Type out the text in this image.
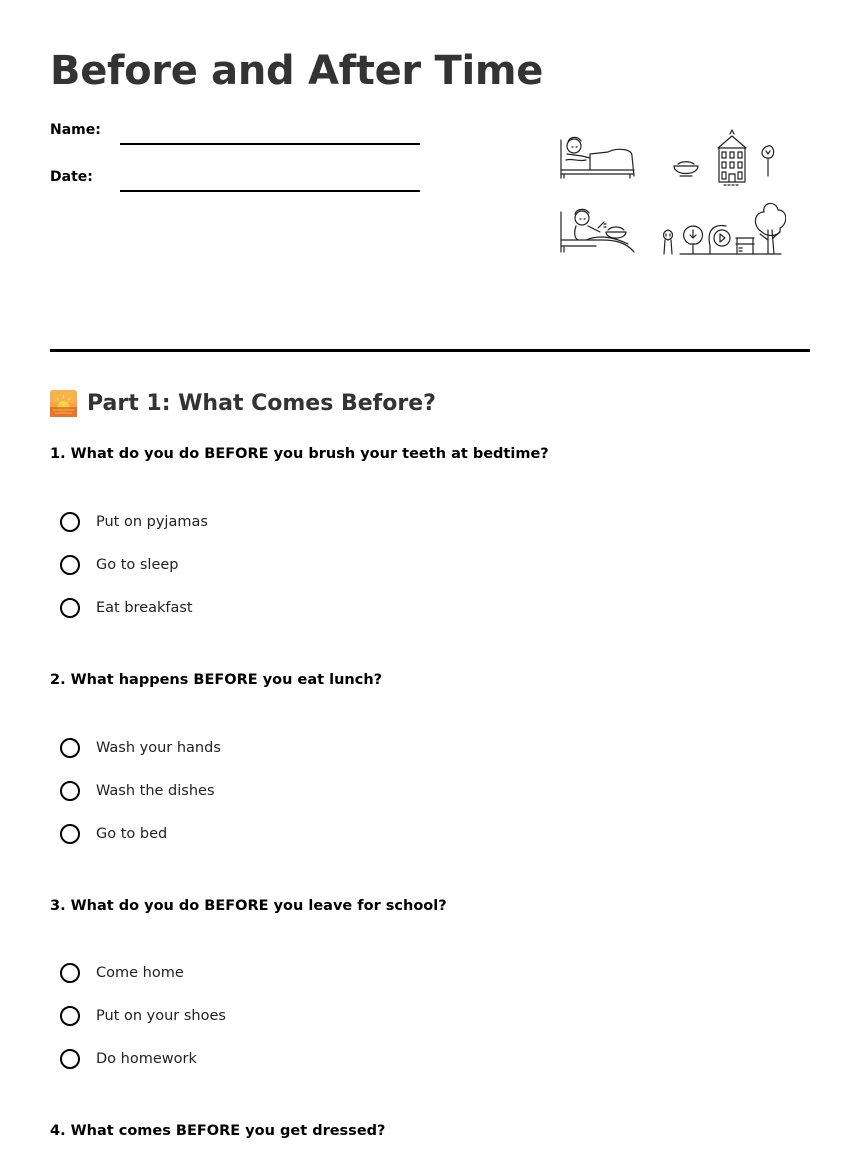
Before and After Time
Name:
Date:
Part 1: What Comes Before?

1. What do you do BEFORE you brush your teeth at bedtime?

Put on pyjamas
Go to sleep
Eat breakfast

2. What happens BEFORE you eat lunch?

Wash your hands
Wash the dishes
Go to bed

3. What do you do BEFORE you leave for school?

Come home
Put on your shoes
Do homework

4. What comes BEFORE you get dressed?
